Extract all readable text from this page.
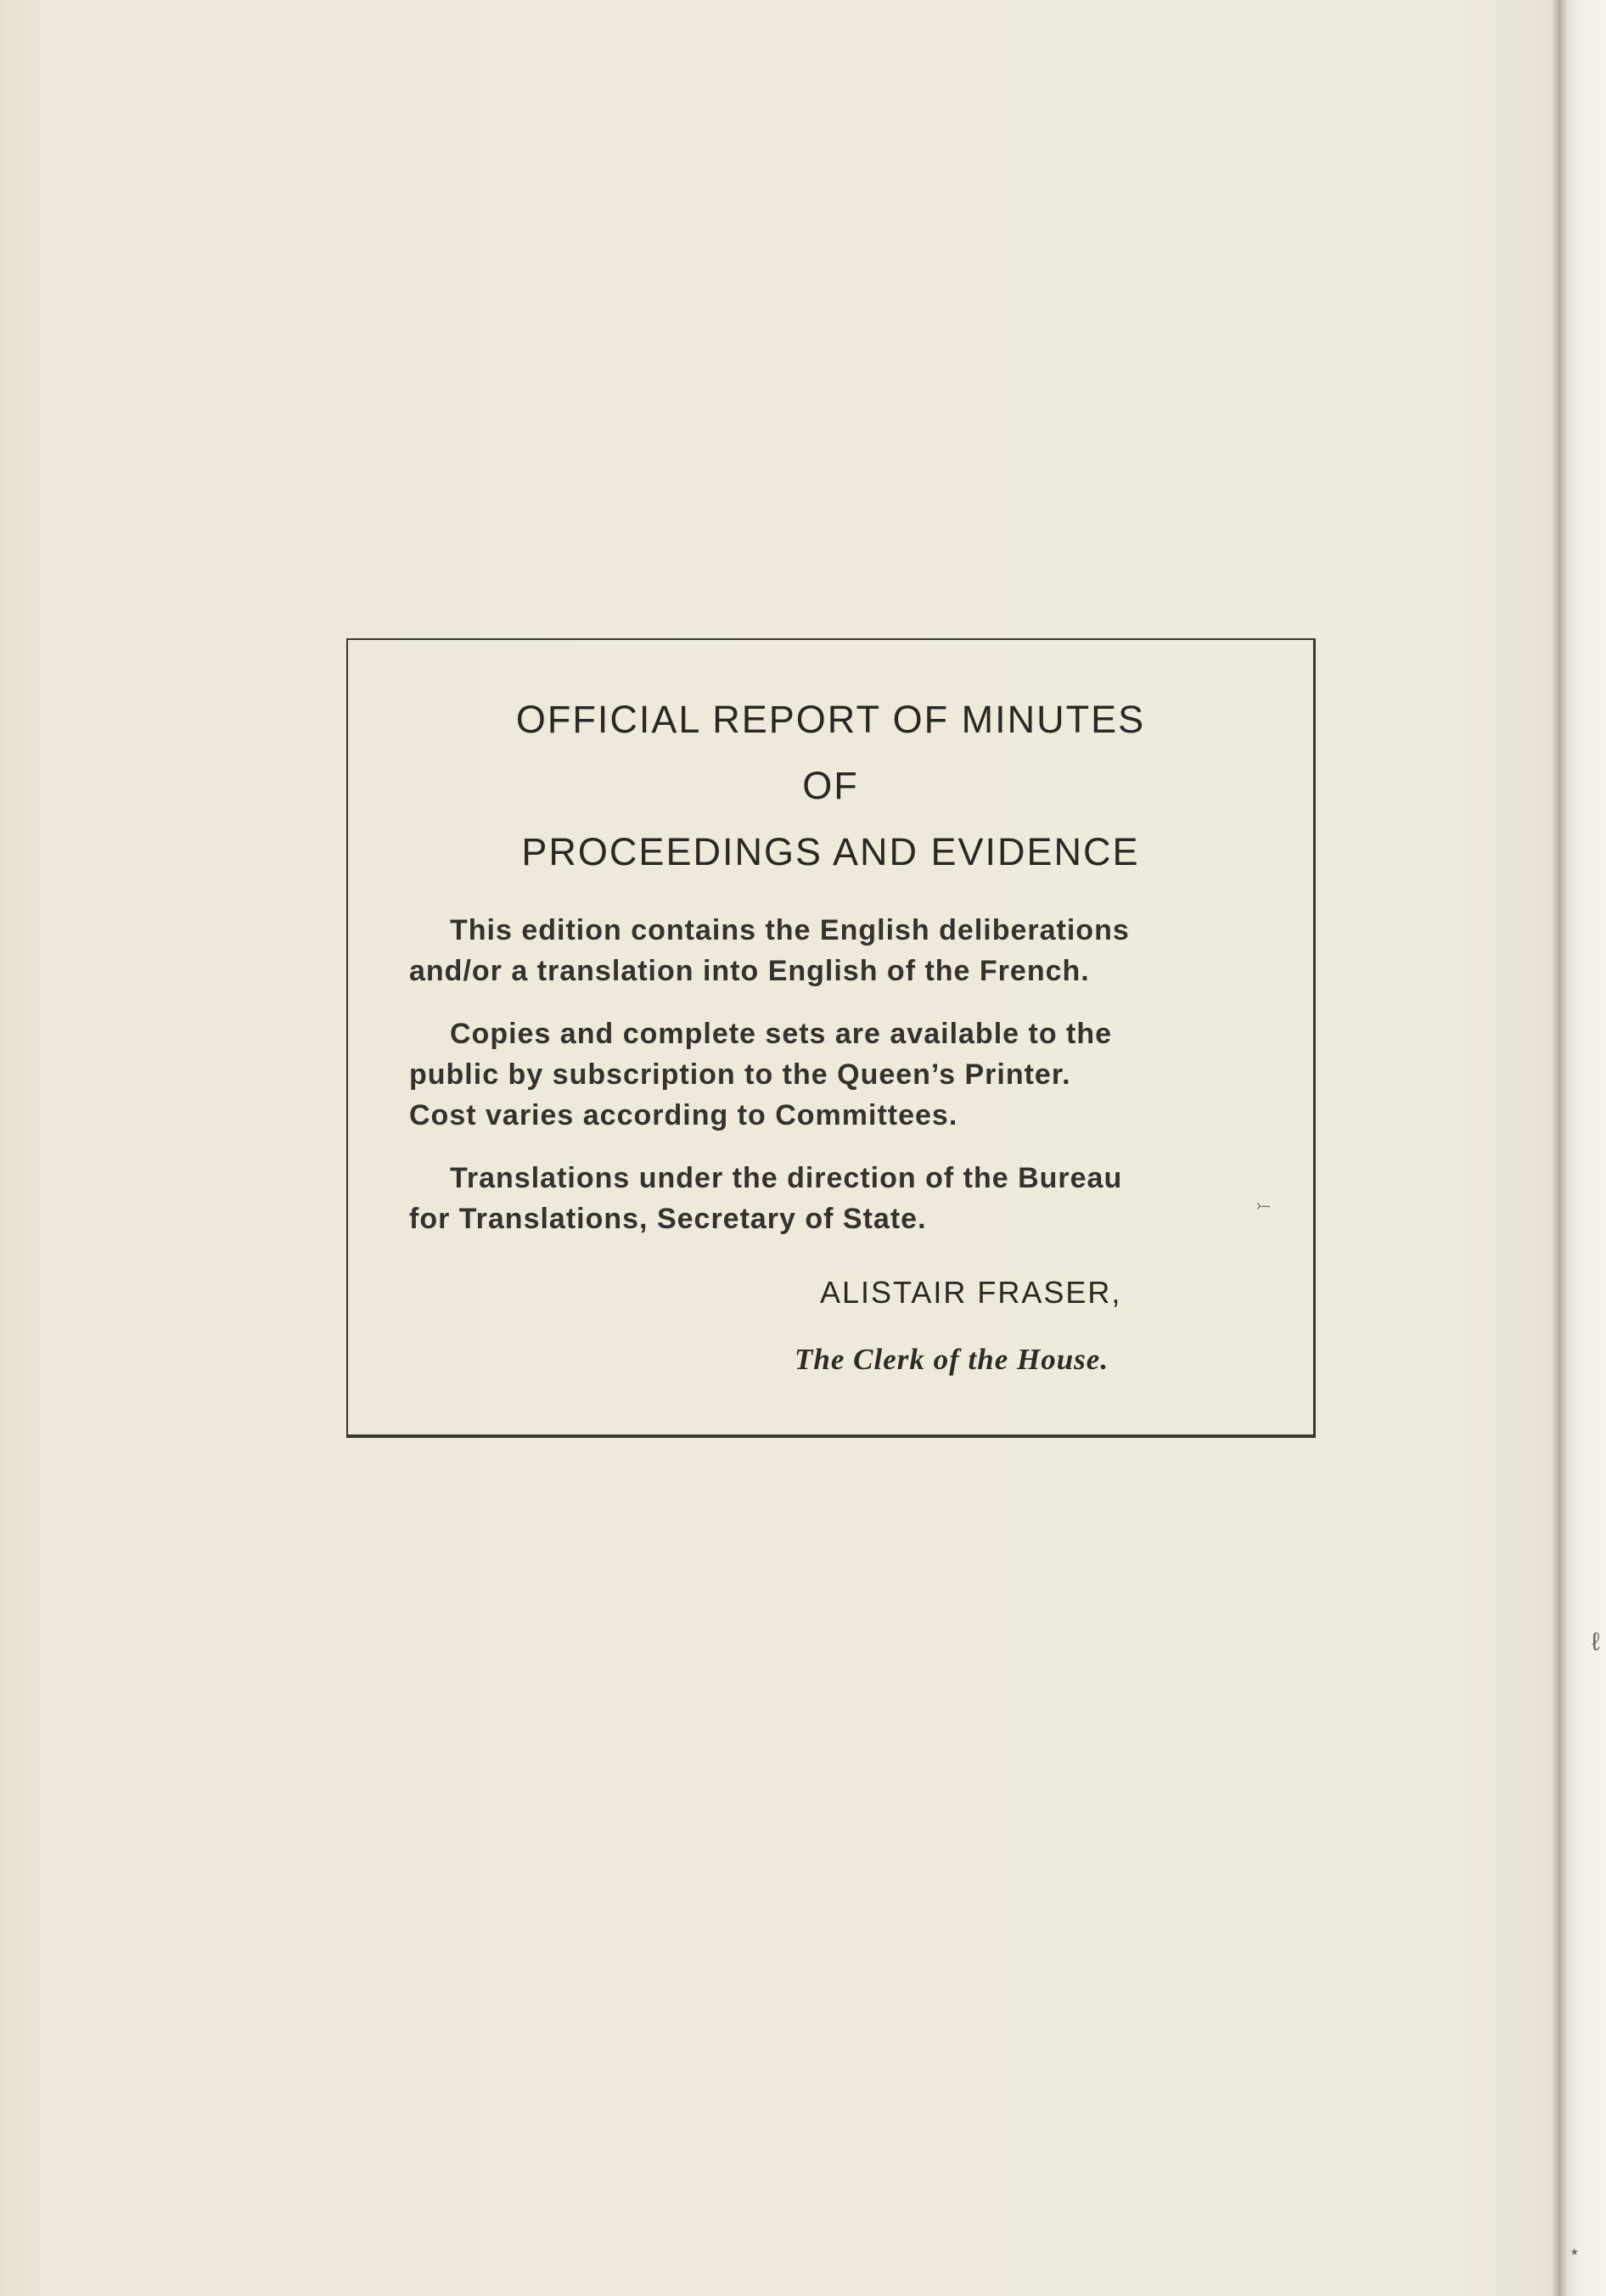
OFFICIAL REPORT OF MINUTES
OF
PROCEEDINGS AND EVIDENCE
This edition contains the English deliberations
and/or a translation into English of the French.
Copies and complete sets are available to the
public by subscription to the Queen’s Printer.
Cost varies according to Committees.
Translations under the direction of the Bureau
for Translations, Secretary of State.
ALISTAIR FRASER,
The Clerk of the House.
›–
ℓ
⋆
